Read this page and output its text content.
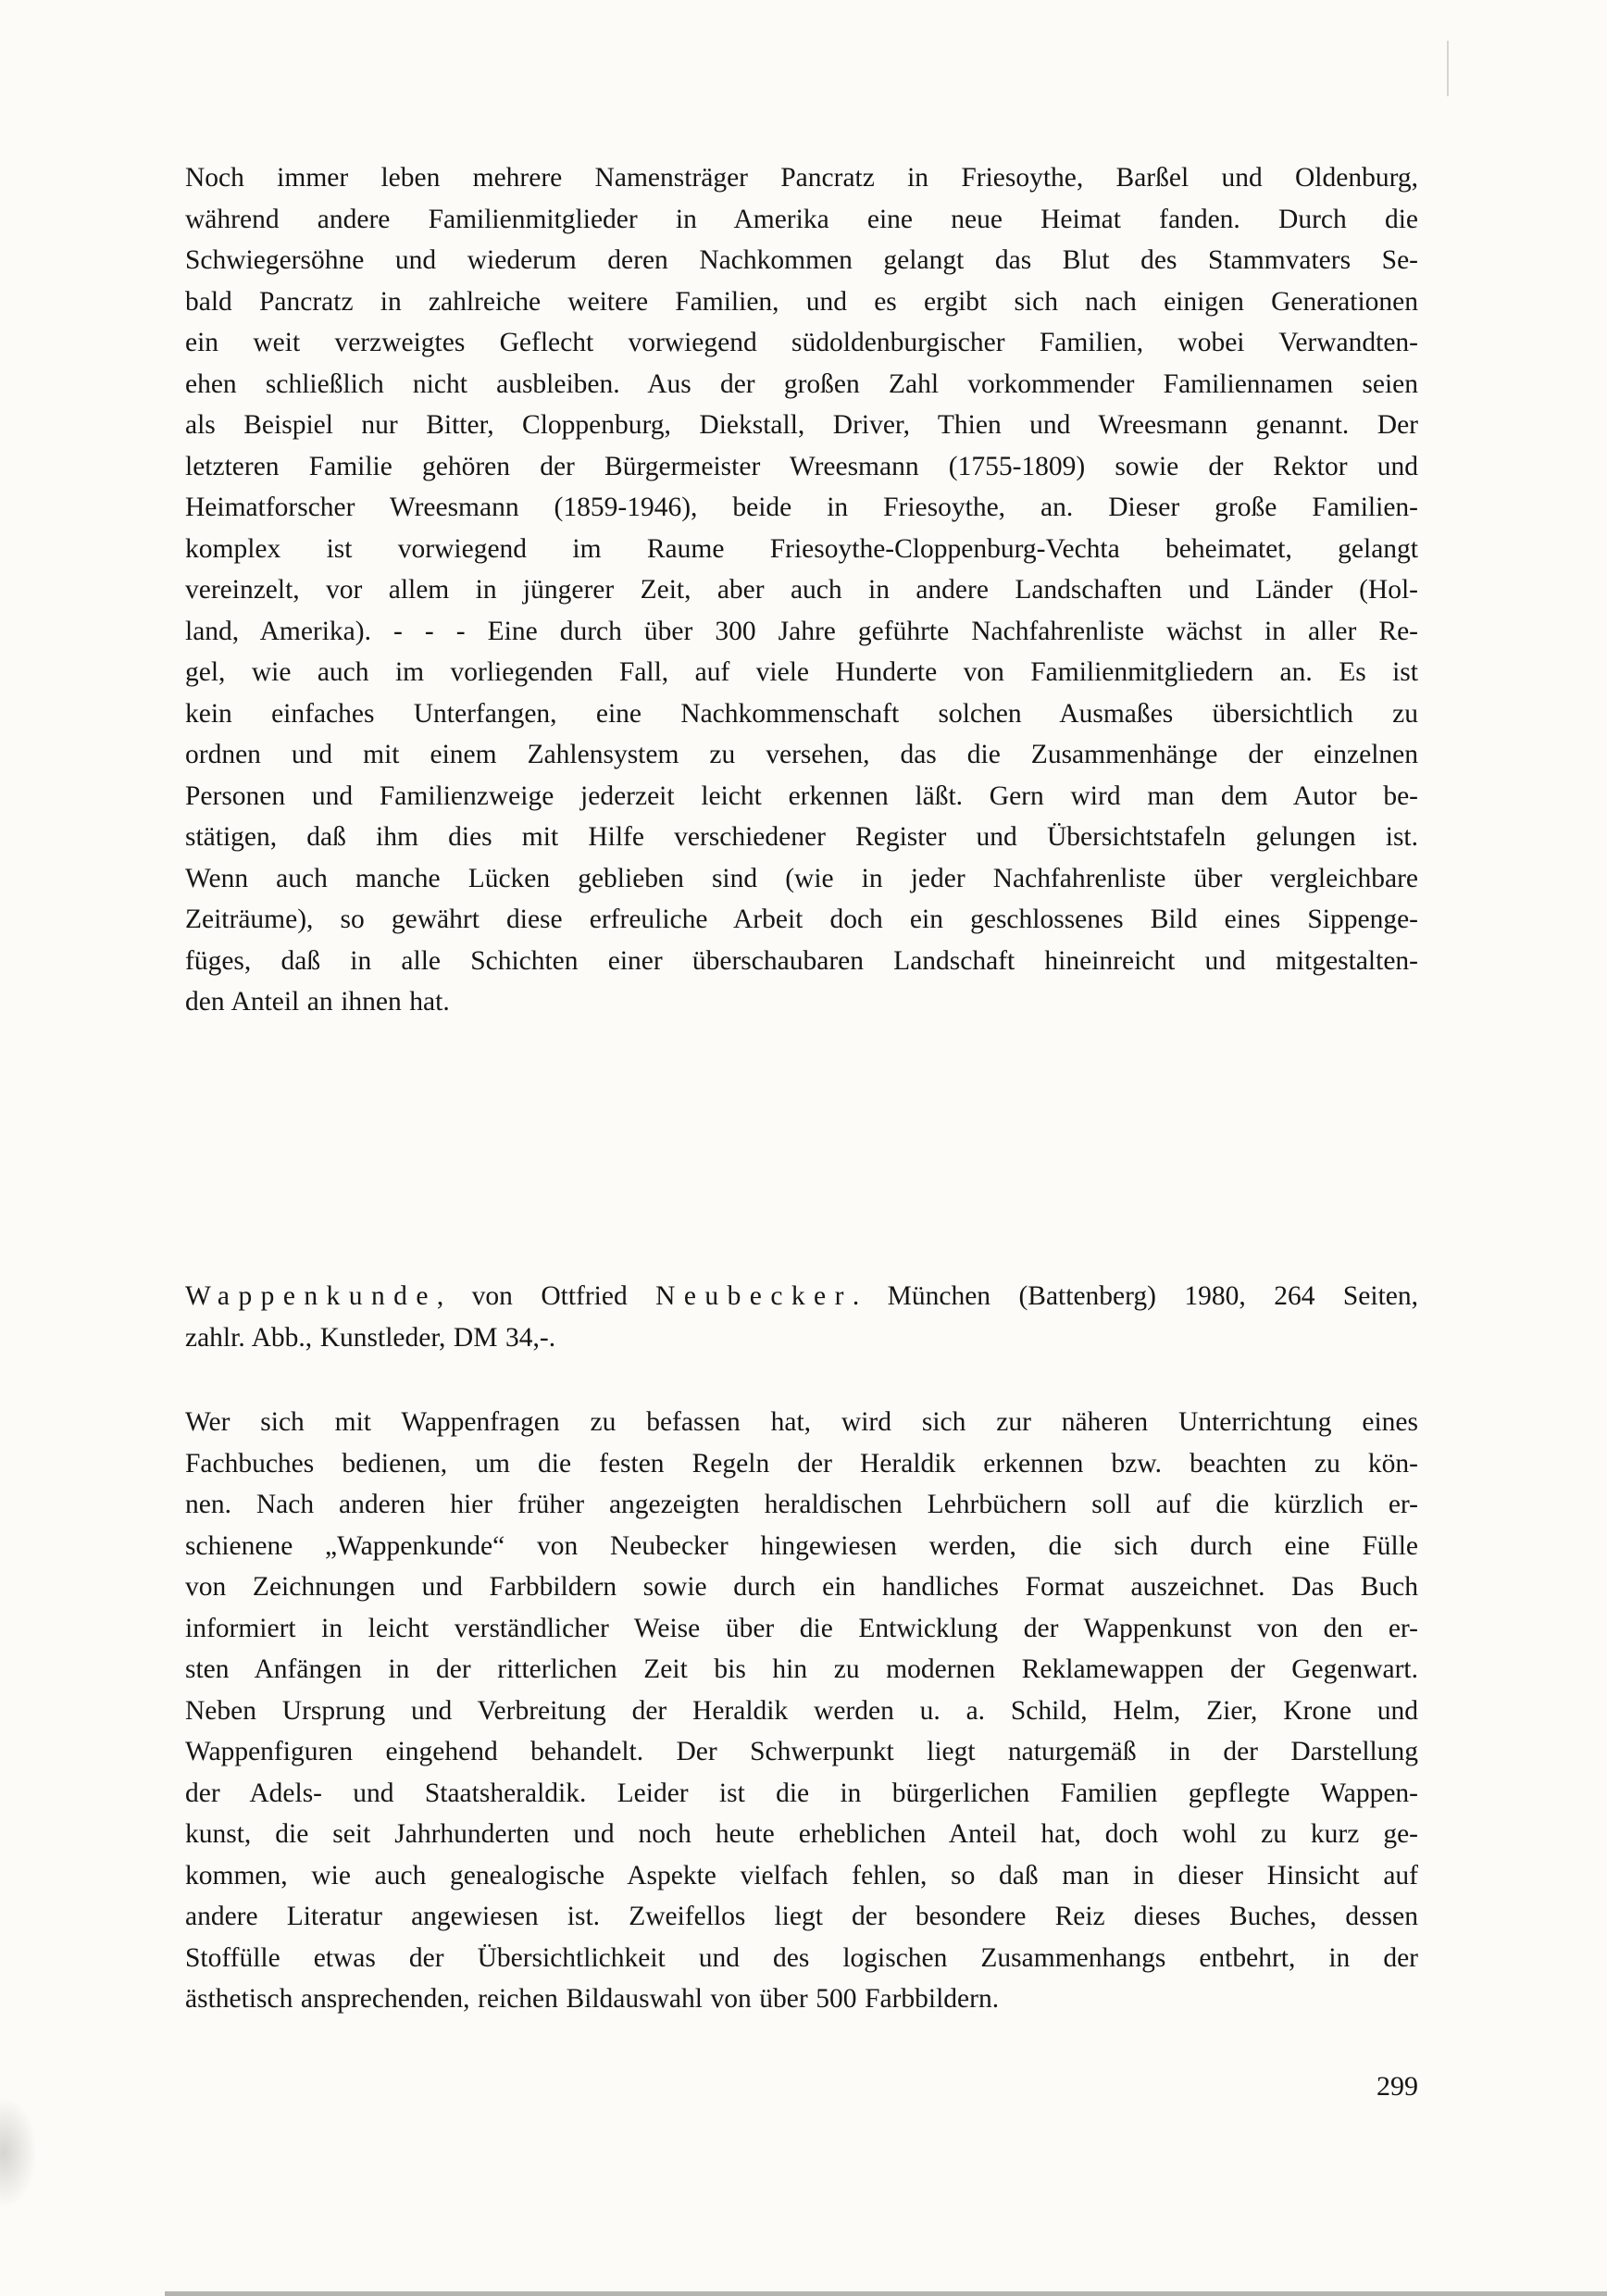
Noch immer leben mehrere Namensträger Pancratz in Friesoythe, Barßel und Oldenburg,
während andere Familienmitglieder in Amerika eine neue Heimat fanden. Durch die
Schwiegersöhne und wiederum deren Nachkommen gelangt das Blut des Stammvaters Se-
bald Pancratz in zahlreiche weitere Familien, und es ergibt sich nach einigen Generationen
ein weit verzweigtes Geflecht vorwiegend südoldenburgischer Familien, wobei Verwandten-
ehen schließlich nicht ausbleiben. Aus der großen Zahl vorkommender Familiennamen seien
als Beispiel nur Bitter, Cloppenburg, Diekstall, Driver, Thien und Wreesmann genannt. Der
letzteren Familie gehören der Bürgermeister Wreesmann (1755-1809) sowie der Rektor und
Heimatforscher Wreesmann (1859-1946), beide in Friesoythe, an. Dieser große Familien-
komplex ist vorwiegend im Raume Friesoythe-Cloppenburg-Vechta beheimatet, gelangt
vereinzelt, vor allem in jüngerer Zeit, aber auch in andere Landschaften und Länder (Hol-
land, Amerika). - - - Eine durch über 300 Jahre geführte Nachfahrenliste wächst in aller Re-
gel, wie auch im vorliegenden Fall, auf viele Hunderte von Familienmitgliedern an. Es ist
kein einfaches Unterfangen, eine Nachkommenschaft solchen Ausmaßes übersichtlich zu
ordnen und mit einem Zahlensystem zu versehen, das die Zusammenhänge der einzelnen
Personen und Familienzweige jederzeit leicht erkennen läßt. Gern wird man dem Autor be-
stätigen, daß ihm dies mit Hilfe verschiedener Register und Übersichtstafeln gelungen ist.
Wenn auch manche Lücken geblieben sind (wie in jeder Nachfahrenliste über vergleichbare
Zeiträume), so gewährt diese erfreuliche Arbeit doch ein geschlossenes Bild eines Sippenge-
füges, daß in alle Schichten einer überschaubaren Landschaft hineinreicht und mitgestalten-
den Anteil an ihnen hat.
Wappenkunde, von Ottfried Neubecker. München (Battenberg) 1980, 264 Seiten,
zahlr. Abb., Kunstleder, DM 34,-.
Wer sich mit Wappenfragen zu befassen hat, wird sich zur näheren Unterrichtung eines
Fachbuches bedienen, um die festen Regeln der Heraldik erkennen bzw. beachten zu kön-
nen. Nach anderen hier früher angezeigten heraldischen Lehrbüchern soll auf die kürzlich er-
schienene „Wappenkunde“ von Neubecker hingewiesen werden, die sich durch eine Fülle
von Zeichnungen und Farbbildern sowie durch ein handliches Format auszeichnet. Das Buch
informiert in leicht verständlicher Weise über die Entwicklung der Wappenkunst von den er-
sten Anfängen in der ritterlichen Zeit bis hin zu modernen Reklamewappen der Gegenwart.
Neben Ursprung und Verbreitung der Heraldik werden u. a. Schild, Helm, Zier, Krone und
Wappenfiguren eingehend behandelt. Der Schwerpunkt liegt naturgemäß in der Darstellung
der Adels- und Staatsheraldik. Leider ist die in bürgerlichen Familien gepflegte Wappen-
kunst, die seit Jahrhunderten und noch heute erheblichen Anteil hat, doch wohl zu kurz ge-
kommen, wie auch genealogische Aspekte vielfach fehlen, so daß man in dieser Hinsicht auf
andere Literatur angewiesen ist. Zweifellos liegt der besondere Reiz dieses Buches, dessen
Stoffülle etwas der Übersichtlichkeit und des logischen Zusammenhangs entbehrt, in der
ästhetisch ansprechenden, reichen Bildauswahl von über 500 Farbbildern.
299
